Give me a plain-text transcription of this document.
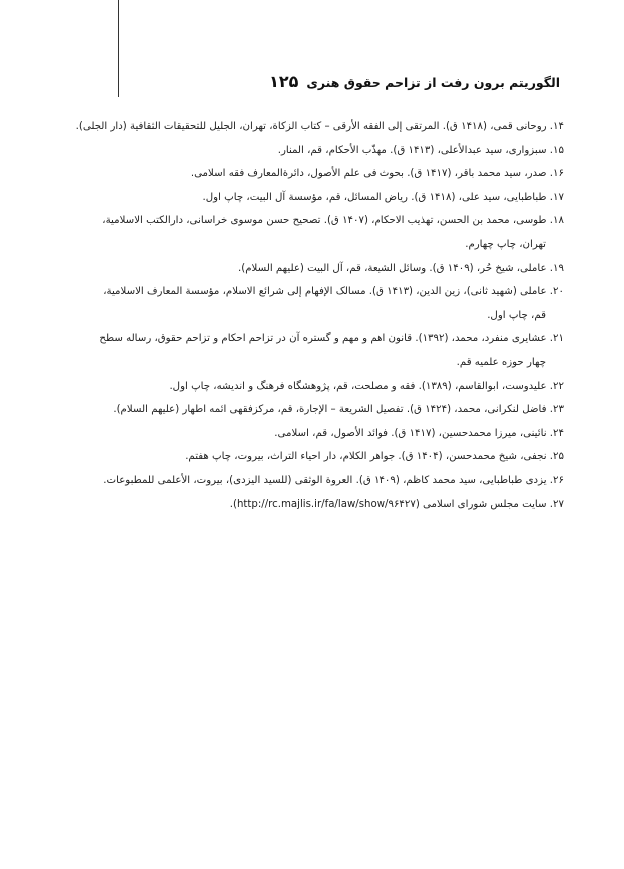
الگوریتم برون رفت از تزاحم حقوق هنری
۱۲۵
۱۴. روحانی قمی، (۱۴۱۸ ق). المرتقی إلی الفقه الأرقی – کتاب الزکاة، تهران، الجلیل للتحقیقات الثقافیة (دار الجلی).
۱۵. سبزواری، سید عبدالأعلی، (۱۴۱۳ ق). مهذّب الأحکام، قم، المنار.
۱۶. صدر، سید محمد باقر، (۱۴۱۷ ق). بحوث فی علم الأصول، دائرةالمعارف فقه اسلامی.
۱۷. طباطبایی، سید علی، (۱۴۱۸ ق). ریاض المسائل، قم، مؤسسة آل البیت، چاپ اول.
۱۸. طوسی، محمد بن الحسن، تهذیب الاحکام، (۱۴۰۷ ق). تصحیح حسن موسوی خراسانی، دارالکتب الاسلامیة،
تهران، چاپ چهارم.
۱۹. عاملی، شیخ حُر، (۱۴۰۹ ق). وسائل الشیعة، قم، آل البیت (علیهم السلام).
۲۰. عاملی (شهید ثانی)، زین الدین، (۱۴۱۳ ق). مسالک الإفهام إلی شرائع الاسلام، مؤسسة المعارف الاسلامیة،
قم، چاپ اول.
۲۱. عشایری منفرد، محمد، (۱۳۹۲). قانون اهم و مهم و گستره آن در تزاحم احکام و تزاحم حقوق، رساله سطح
چهار حوزه علمیه قم.
۲۲. علیدوست، ابوالقاسم، (۱۳۸۹). فقه و مصلحت، قم، پژوهشگاه فرهنگ و اندیشه، چاپ اول.
۲۳. فاضل لنکرانی، محمد، (۱۴۲۴ ق). تفصیل الشریعة – الإجارة، قم، مرکزفقهی ائمه اطهار (علیهم السلام).
۲۴. نائینی، میرزا محمدحسین، (۱۴۱۷ ق). فوائد الأصول، قم، اسلامی.
۲۵. نجفی، شیخ محمدحسن، (۱۴۰۴ ق). جواهر الکلام، دار احیاء التراث، بیروت، چاپ هفتم.
۲۶. یزدی طباطبایی، سید محمد کاظم، (۱۴۰۹ ق). العروة الوثقی (للسید الیزدی)، بیروت، الأعلمی للمطبوعات.
۲۷. سایت مجلس شورای اسلامی (http://rc.majlis.ir/fa/law/show/۹۶۴۲۷).
